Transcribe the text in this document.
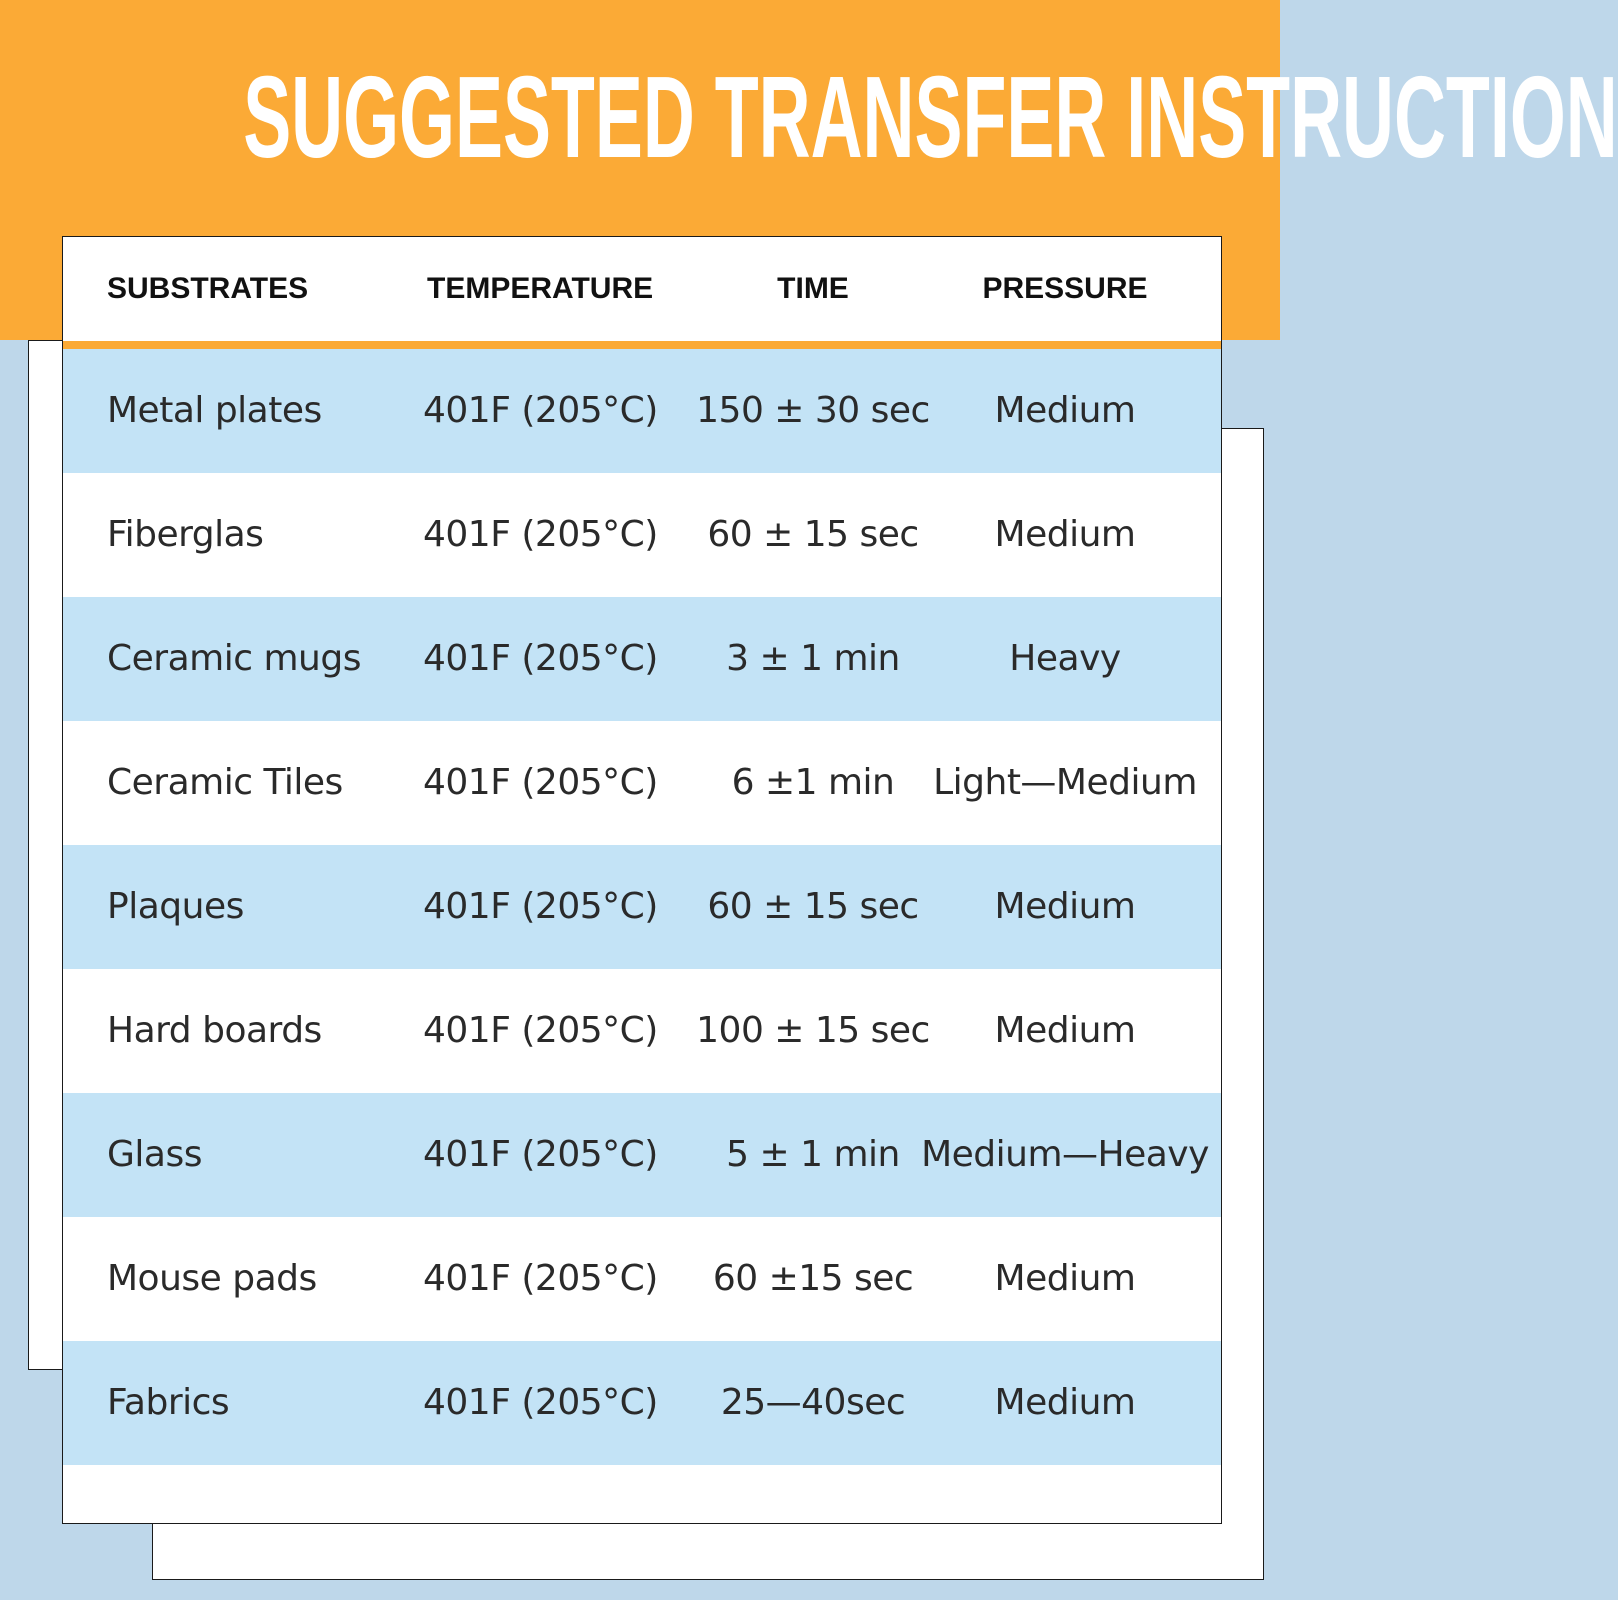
SUGGESTED TRANSFER INSTRUCTION
SUBSTRATES	TEMPERATURE	TIME	PRESSURE
Metal plates	401F (205°C)	150 ± 30 sec	Medium
Fiberglas	401F (205°C)	60 ± 15 sec	Medium
Ceramic mugs 401F (205°C)	3 ± 1 min	Heavy
Ceramic Tiles 401F (205°C)	6 ±1 min	Light—Medium
Plaques	401F (205°C)	60 ± 15 sec	Medium
Hard boards	401F (205°C)	100 ± 15 sec	Medium
Glass	401F (205°C)	5 ± 1 min Medium—Heavy
Mouse pads	401F (205°C)	60 ±15 sec	Medium
Fabrics	401F (205°C)	25—40sec	Medium
